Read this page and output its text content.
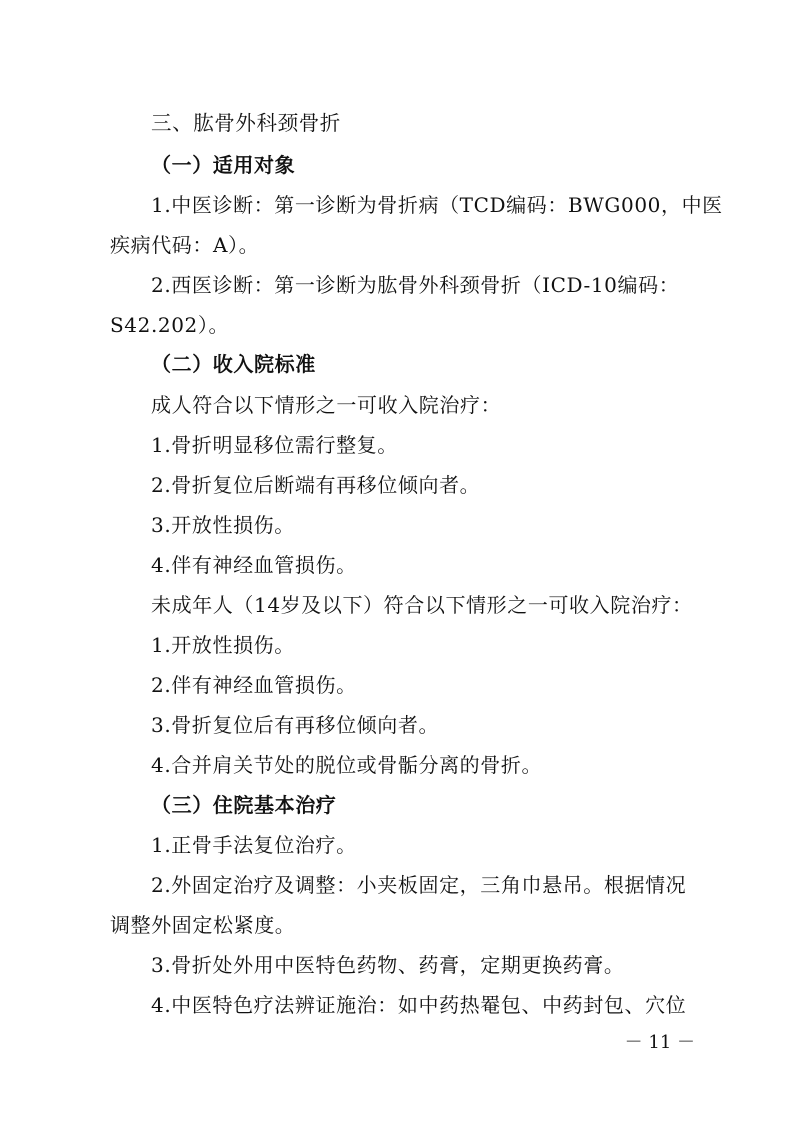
三、肱骨外科颈骨折
（一）适用对象
1.中医诊断：第一诊断为骨折病（TCD编码：BWG000，中医
疾病代码：A）。
2.西医诊断：第一诊断为肱骨外科颈骨折（ICD-10编码：
S42.202）。
（二）收入院标准
成人符合以下情形之一可收入院治疗：
1.骨折明显移位需行整复。
2.骨折复位后断端有再移位倾向者。
3.开放性损伤。
4.伴有神经血管损伤。
未成年人（14岁及以下）符合以下情形之一可收入院治疗：
1.开放性损伤。
2.伴有神经血管损伤。
3.骨折复位后有再移位倾向者。
4.合并肩关节处的脱位或骨骺分离的骨折。
（三）住院基本治疗
1.正骨手法复位治疗。
2.外固定治疗及调整：小夹板固定，三角巾悬吊。根据情况
调整外固定松紧度。
3.骨折处外用中医特色药物、药膏，定期更换药膏。
4.中医特色疗法辨证施治：如中药热罨包、中药封包、穴位
－ 11 －
